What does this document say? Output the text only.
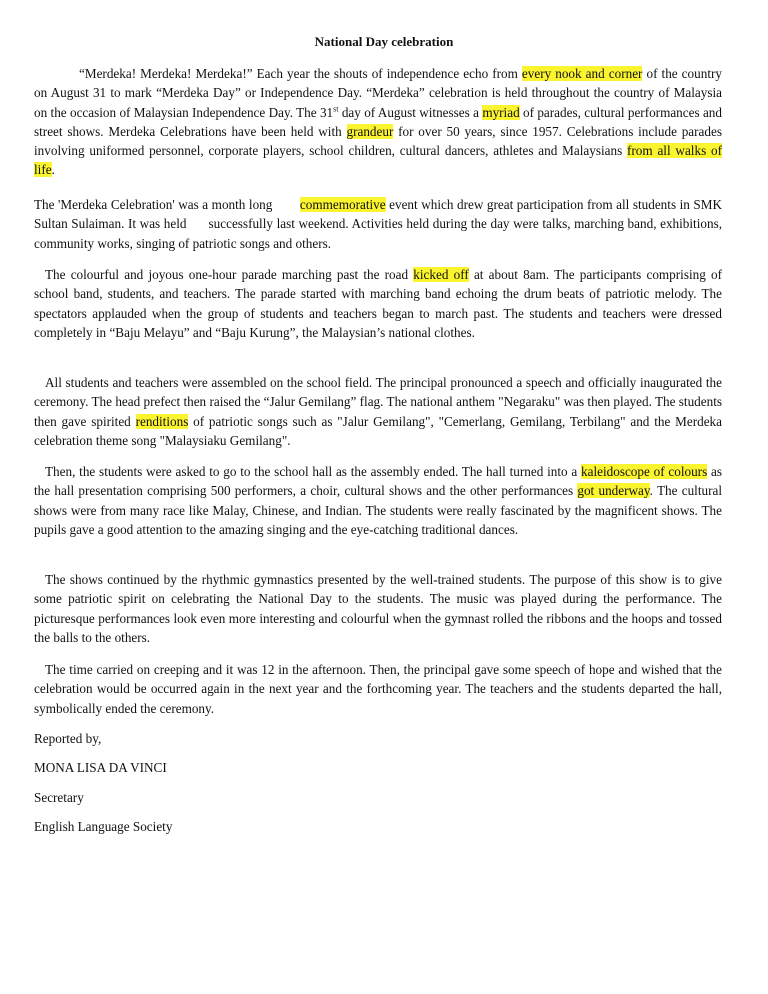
National Day celebration

“Merdeka! Merdeka! Merdeka!” Each year the shouts of independence echo from every nook and corner of the country on August 31 to mark “Merdeka Day” or Independence Day. “Merdeka” celebration is held throughout the country of Malaysia on the occasion of Malaysian Independence Day. The 31st day of August witnesses a myriad of parades, cultural performances and street shows. Merdeka Celebrations have been held with grandeur for over 50 years, since 1957. Celebrations include parades involving uniformed personnel, corporate players, school children, cultural dancers, athletes and Malaysians from all walks of life.

The 'Merdeka Celebration' was a month long commemorative event which drew great participation from all students in SMK Sultan Sulaiman. It was held successfully last weekend. Activities held during the day were talks, marching band, exhibitions, community works, singing of patriotic songs and others.

The colourful and joyous one-hour parade marching past the road kicked off at about 8am. The participants comprising of school band, students, and teachers. The parade started with marching band echoing the drum beats of patriotic melody. The spectators applauded when the group of students and teachers began to march past. The students and teachers were dressed completely in “Baju Melayu” and “Baju Kurung”, the Malaysian’s national clothes.

All students and teachers were assembled on the school field. The principal pronounced a speech and officially inaugurated the ceremony. The head prefect then raised the “Jalur Gemilang” flag. The national anthem "Negaraku" was then played. The students then gave spirited renditions of patriotic songs such as "Jalur Gemilang", "Cemerlang, Gemilang, Terbilang" and the Merdeka celebration theme song "Malaysiaku Gemilang".

Then, the students were asked to go to the school hall as the assembly ended. The hall turned into a kaleidoscope of colours as the hall presentation comprising 500 performers, a choir, cultural shows and the other performances got underway. The cultural shows were from many race like Malay, Chinese, and Indian. The students were really fascinated by the magnificent shows. The pupils gave a good attention to the amazing singing and the eye-catching traditional dances.

The shows continued by the rhythmic gymnastics presented by the well-trained students. The purpose of this show is to give some patriotic spirit on celebrating the National Day to the students. The music was played during the performance. The picturesque performances look even more interesting and colourful when the gymnast rolled the ribbons and the hoops and tossed the balls to the others.

The time carried on creeping and it was 12 in the afternoon. Then, the principal gave some speech of hope and wished that the celebration would be occurred again in the next year and the forthcoming year. The teachers and the students departed the hall, symbolically ended the ceremony.

Reported by,
MONA LISA DA VINCI
Secretary
English Language Society
